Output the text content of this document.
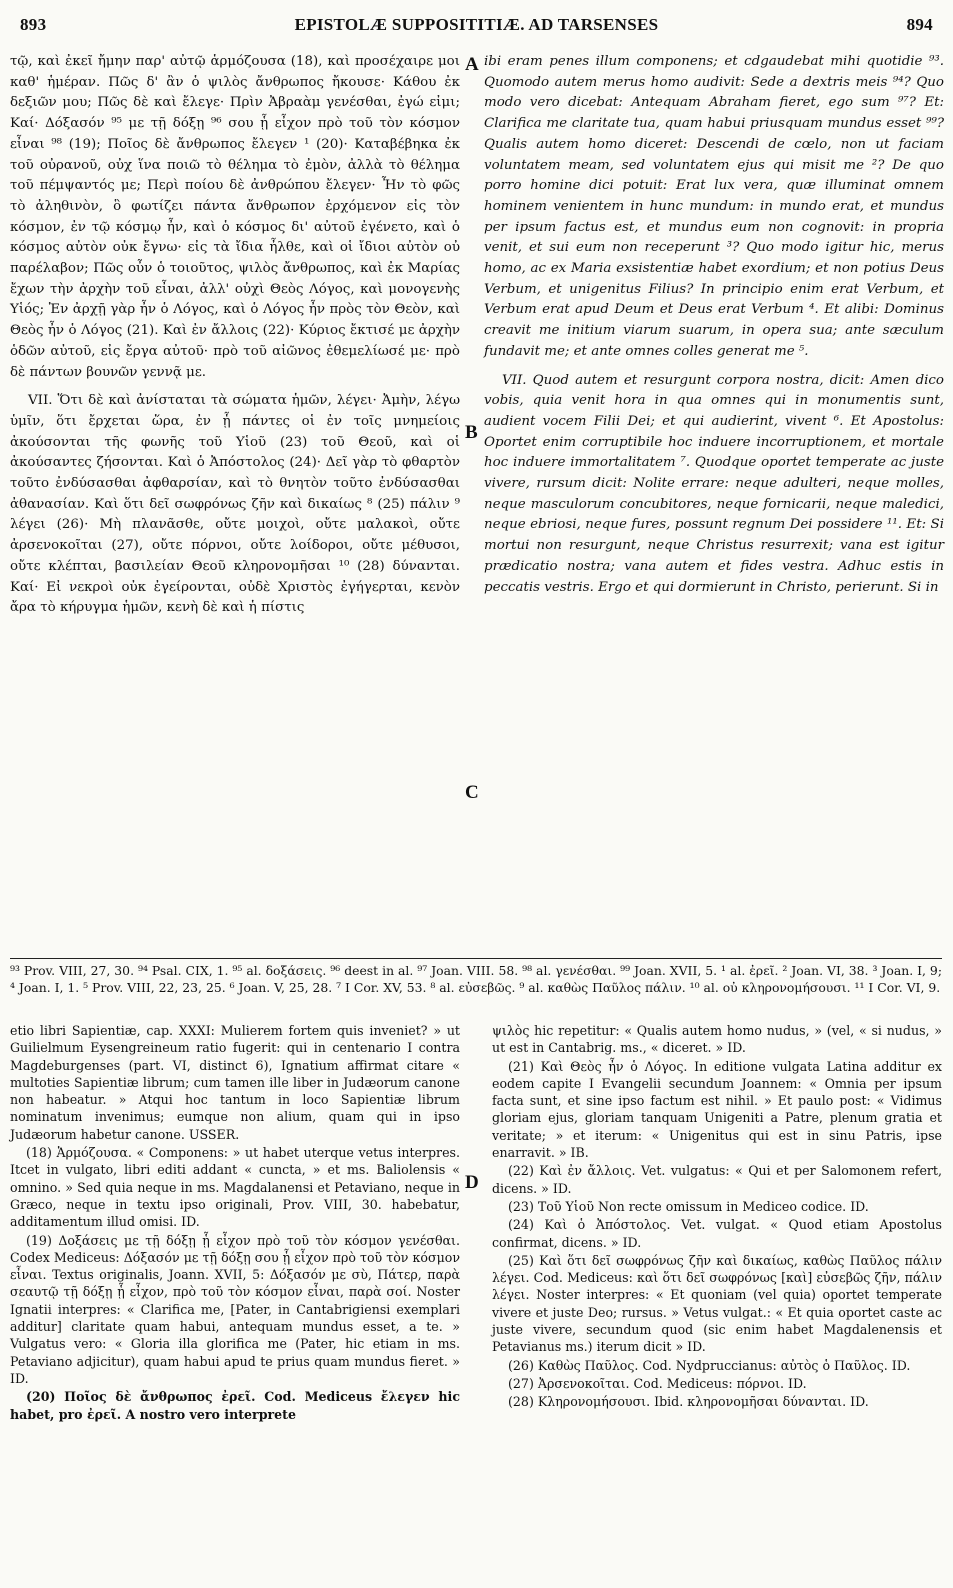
893	EPISTOLÆ SUPPOSITITIÆ. AD TARSENSES	894

τῷ, καὶ ἐκεῖ ἤμην παρ' αὐτῷ ἁρμόζουσα (18), καὶ προσέχαιρε μοι καθ' ἡμέραν. Πῶς δ' ἂν ὁ ψιλὸς ἄνθρωπος ἤκουσε· Κάθου ἐκ δεξιῶν μου; Πῶς δὲ καὶ ἔλεγε· Πρὶν Ἀβραὰμ γενέσθαι, ἐγώ εἰμι; Καί· Δόξασόν ⁹⁵ με τῇ δόξῃ ⁹⁶ σου ᾗ εἶχον πρὸ τοῦ τὸν κόσμον εἶναι ⁹⁸ (19); Ποῖος δὲ ἄνθρωπος ἔλεγεν ¹ (20)· Καταβέβηκα ἐκ τοῦ οὐρανοῦ, οὐχ ἵνα ποιῶ τὸ θέλημα τὸ ἐμὸν, ἀλλὰ τὸ θέλημα τοῦ πέμψαντός με; Περὶ ποίου δὲ ἀνθρώπου ἔλεγεν· Ἦν τὸ φῶς τὸ ἀληθινὸν, ὃ φωτίζει πάντα ἄνθρωπον ἐρχόμενον εἰς τὸν κόσμον, ἐν τῷ κόσμῳ ἦν, καὶ ὁ κόσμος δι' αὐτοῦ ἐγένετο, καὶ ὁ κόσμος αὐτὸν οὐκ ἔγνω· εἰς τὰ ἴδια ἦλθε, καὶ οἱ ἴδιοι αὐτὸν οὐ παρέλαβον; Πῶς οὖν ὁ τοιοῦτος, ψιλὸς ἄνθρωπος, καὶ ἐκ Μαρίας ἔχων τὴν ἀρχὴν τοῦ εἶναι, ἀλλ' οὐχὶ Θεὸς Λόγος, καὶ μονογενὴς Υἱός; Ἐν ἀρχῇ γὰρ ἦν ὁ Λόγος, καὶ ὁ Λόγος ἦν πρὸς τὸν Θεὸν, καὶ Θεὸς ἦν ὁ Λόγος (21). Καὶ ἐν ἄλλοις (22)· Κύριος ἔκτισέ με ἀρχὴν ὁδῶν αὐτοῦ, εἰς ἔργα αὐτοῦ· πρὸ τοῦ αἰῶνος ἐθεμελίωσέ με· πρὸ δὲ πάντων βουνῶν γεννᾷ με.

VII. Ὅτι δὲ καὶ ἀνίσταται τὰ σώματα ἡμῶν, λέγει· Ἀμὴν, λέγω ὑμῖν, ὅτι ἔρχεται ὥρα, ἐν ᾗ πάντες οἱ ἐν τοῖς μνημείοις ἀκούσονται τῆς φωνῆς τοῦ Υἱοῦ (23) τοῦ Θεοῦ, καὶ οἱ ἀκούσαντες ζήσονται. Καὶ ὁ Ἀπόστολος (24)· Δεῖ γὰρ τὸ φθαρτὸν τοῦτο ἐνδύσασθαι ἀφθαρσίαν, καὶ τὸ θνητὸν τοῦτο ἐνδύσασθαι ἀθανασίαν. Καὶ ὅτι δεῖ σωφρόνως ζῆν καὶ δικαίως ⁸ (25) πάλιν ⁹ λέγει (26)· Μὴ πλανᾶσθε, οὔτε μοιχοὶ, οὔτε μαλακοὶ, οὔτε ἀρσενοκοῖται (27), οὔτε πόρνοι, οὔτε λοίδοροι, οὔτε μέθυσοι, οὔτε κλέπται, βασιλείαν Θεοῦ κληρονομῆσαι ¹⁰ (28) δύνανται. Καί· Εἰ νεκροὶ οὐκ ἐγείρονται, οὐδὲ Χριστὸς ἐγήγερται, κενὸν ἄρα τὸ κήρυγμα ἡμῶν, κενὴ δὲ καὶ ἡ πίστις

A
B
C
D

ibi eram penes illum componens; et cdgaudebat mihi quotidie ⁹³. Quomodo autem merus homo audivit: Sede a dextris meis ⁹⁴? Quo modo vero dicebat: Antequam Abraham fieret, ego sum ⁹⁷? Et: Clarifica me claritate tua, quam habui priusquam mundus esset ⁹⁹? Qualis autem homo diceret: Descendi de cœlo, non ut faciam voluntatem meam, sed voluntatem ejus qui misit me ²? De quo porro homine dici potuit: Erat lux vera, quæ illuminat omnem hominem venientem in hunc mundum: in mundo erat, et mundus per ipsum factus est, et mundus eum non cognovit: in propria venit, et sui eum non receperunt ³? Quo modo igitur hic, merus homo, ac ex Maria exsistentiæ habet exordium; et non potius Deus Verbum, et unigenitus Filius? In principio enim erat Verbum, et Verbum erat apud Deum et Deus erat Verbum ⁴. Et alibi: Dominus creavit me initium viarum suarum, in opera sua; ante sæculum fundavit me; et ante omnes colles generat me ⁵.

VII. Quod autem et resurgunt corpora nostra, dicit: Amen dico vobis, quia venit hora in qua omnes qui in monumentis sunt, audient vocem Filii Dei; et qui audierint, vivent ⁶. Et Apostolus: Oportet enim corruptibile hoc induere incorruptionem, et mortale hoc induere immortalitatem ⁷. Quodque oportet temperate ac juste vivere, rursum dicit: Nolite errare: neque adulteri, neque molles, neque masculorum concubitores, neque fornicarii, neque maledici, neque ebriosi, neque fures, possunt regnum Dei possidere ¹¹. Et: Si mortui non resurgunt, neque Christus resurrexit; vana est igitur prædicatio nostra; vana autem et fides vestra. Adhuc estis in peccatis vestris. Ergo et qui dormierunt in Christo, perierunt. Si in

⁹³ Prov. VIII, 27, 30. ⁹⁴ Psal. CIX, 1. ⁹⁵ al. δοξάσεις. ⁹⁶ deest in al. ⁹⁷ Joan. VIII. 58. ⁹⁸ al. γενέσθαι. ⁹⁹ Joan. XVII, 5. ¹ al. ἐρεῖ. ² Joan. VI, 38. ³ Joan. I, 9; ⁴ Joan. I, 1. ⁵ Prov. VIII, 22, 23, 25. ⁶ Joan. V, 25, 28. ⁷ I Cor. XV, 53. ⁸ al. εὐσεβῶς. ⁹ al. καθὼς Παῦλος πάλιν. ¹⁰ al. οὐ κληρονομήσουσι. ¹¹ I Cor. VI, 9.

etio libri Sapientiæ, cap. XXXI: Mulierem fortem quis inveniet? » ut Guilielmum Eysengreineum ratio fugerit: qui in centenario I contra Magdeburgenses (part. VI, distinct 6), Ignatium affirmat citare « multoties Sapientiæ librum; cum tamen ille liber in Judæorum canone non habeatur. » Atqui hoc tantum in loco Sapientiæ librum nominatum invenimus; eumque non alium, quam qui in ipso Judæorum habetur canone. USSER.

(18) Ἁρμόζουσα. « Componens: » ut habet uterque vetus interpres. Itcet in vulgato, libri editi addant « cuncta, » et ms. Baliolensis « omnino. » Sed quia neque in ms. Magdalanensi et Petaviano, neque in Græco, neque in textu ipso originali, Prov. VIII, 30. habebatur, additamentum illud omisi. ID.

(19) Δοξάσεις με τῇ δόξῃ ᾗ εἶχον πρὸ τοῦ τὸν κόσμον γενέσθαι. Codex Mediceus: Δόξασόν με τῇ δόξῃ σου ᾗ εἶχον πρὸ τοῦ τὸν κόσμον εἶναι. Textus originalis, Joann. XVII, 5: Δόξασόν με σὺ, Πάτερ, παρὰ σεαυτῷ τῇ δόξῃ ᾗ εἶχον, πρὸ τοῦ τὸν κόσμον εἶναι, παρὰ σοί. Noster Ignatii interpres: « Clarifica me, [Pater, in Cantabrigiensi exemplari additur] claritate quam habui, antequam mundus esset, a te. » Vulgatus vero: « Gloria illa glorifica me (Pater, hic etiam in ms. Petaviano adjicitur), quam habui apud te prius quam mundus fieret. » ID.

(20) Ποῖος δὲ ἄνθρωπος ἐρεῖ. Cod. Mediceus ἔλεγεν hic habet, pro ἐρεῖ. A nostro vero interprete

ψιλὸς hic repetitur: « Qualis autem homo nudus, » (vel, « si nudus, » ut est in Cantabrig. ms., « diceret. » ID.

(21) Καὶ Θεὸς ἦν ὁ Λόγος. In editione vulgata Latina additur ex eodem capite I Evangelii secundum Joannem: « Omnia per ipsum facta sunt, et sine ipso factum est nihil. » Et paulo post: « Vidimus gloriam ejus, gloriam tanquam Unigeniti a Patre, plenum gratia et veritate; » et iterum: « Unigenitus qui est in sinu Patris, ipse enarravit. » IB.

(22) Καὶ ἐν ἄλλοις. Vet. vulgatus: « Qui et per Salomonem refert, dicens. » ID.

(23) Τοῦ Υἱοῦ Non recte omissum in Mediceo codice. ID.

(24) Καὶ ὁ Ἀπόστολος. Vet. vulgat. « Quod etiam Apostolus confirmat, dicens. » ID.

(25) Καὶ ὅτι δεῖ σωφρόνως ζῆν καὶ δικαίως, καθὼς Παῦλος πάλιν λέγει. Cod. Mediceus: καὶ ὅτι δεῖ σωφρόνως [καὶ] εὐσεβῶς ζῆν, πάλιν λέγει. Noster interpres: « Et quoniam (vel quia) oportet temperate vivere et juste Deo; rursus. » Vetus vulgat.: « Et quia oportet caste ac juste vivere, secundum quod (sic enim habet Magdalenensis et Petavianus ms.) iterum dicit » ID.

(26) Καθὼς Παῦλος. Cod. Nydpruccianus: αὐτὸς ὁ Παῦλος. ID.

(27) Ἀρσενοκοῖται. Cod. Mediceus: πόρνοι. ID.

(28) Κληρονομήσουσι. Ibid. κληρονομῆσαι δύνανται. ID.
